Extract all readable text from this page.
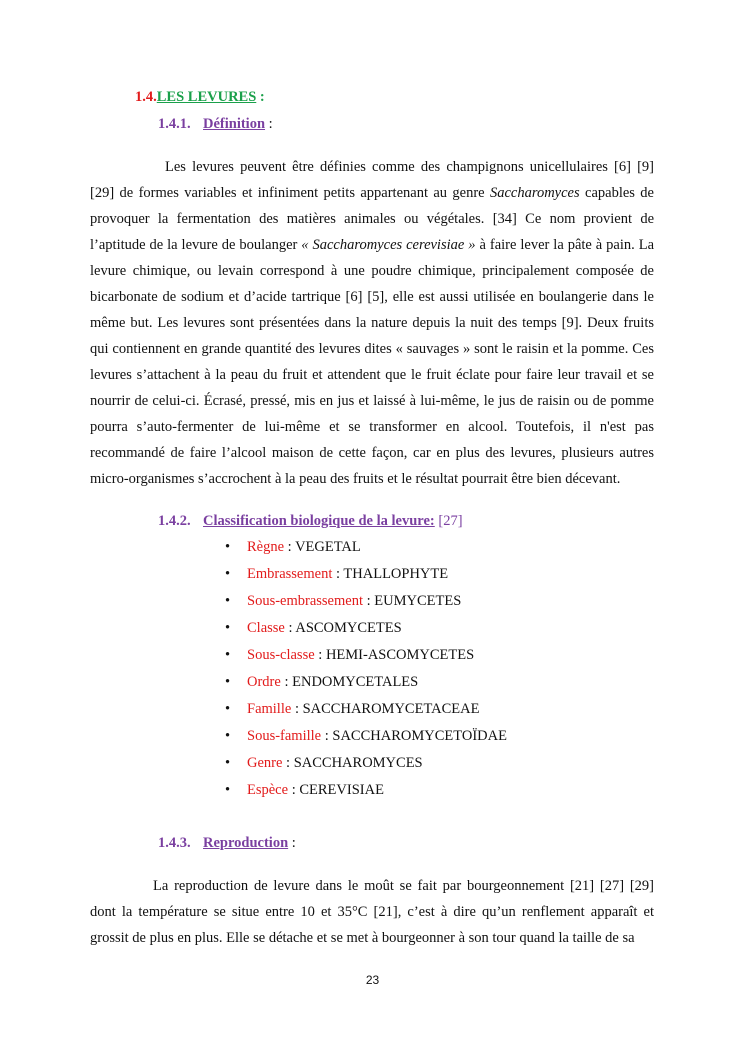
1.4.LES LEVURES :
1.4.1. Définition :

Les levures peuvent être définies comme des champignons unicellulaires [6] [9] [29] de formes variables et infiniment petits appartenant au genre Saccharomyces capables de provoquer la fermentation des matières animales ou végétales. [34] Ce nom provient de l’aptitude de la levure de boulanger « Saccharomyces cerevisiae » à faire lever la pâte à pain. La levure chimique, ou levain correspond à une poudre chimique, principalement composée de bicarbonate de sodium et d’acide tartrique [6] [5], elle est aussi utilisée en boulangerie dans le même but. Les levures sont présentées dans la nature depuis la nuit des temps [9]. Deux fruits qui contiennent en grande quantité des levures dites « sauvages » sont le raisin et la pomme. Ces levures s’attachent à la peau du fruit et attendent que le fruit éclate pour faire leur travail et se nourrir de celui-ci. Écrasé, pressé, mis en jus et laissé à lui-même, le jus de raisin ou de pomme pourra s’auto-fermenter de lui-même et se transformer en alcool. Toutefois, il n'est pas recommandé de faire l’alcool maison de cette façon, car en plus des levures, plusieurs autres micro-organismes s’accrochent à la peau des fruits et le résultat pourrait être bien décevant.

1.4.2. Classification biologique de la levure: [27]
• Règne : VEGETAL
• Embrassement : THALLOPHYTE
• Sous-embrassement : EUMYCETES
• Classe : ASCOMYCETES
• Sous-classe : HEMI-ASCOMYCETES
• Ordre : ENDOMYCETALES
• Famille : SACCHAROMYCETACEAE
• Sous-famille : SACCHAROMYCETOÏDAE
• Genre : SACCHAROMYCES
• Espèce : CEREVISIAE
1.4.3. Reproduction :

La reproduction de levure dans le moût se fait par bourgeonnement [21] [27] [29] dont la température se situe entre 10 et 35°C [21], c’est à dire qu’un renflement apparaît et grossit de plus en plus. Elle se détache et se met à bourgeonner à son tour quand la taille de sa

23
